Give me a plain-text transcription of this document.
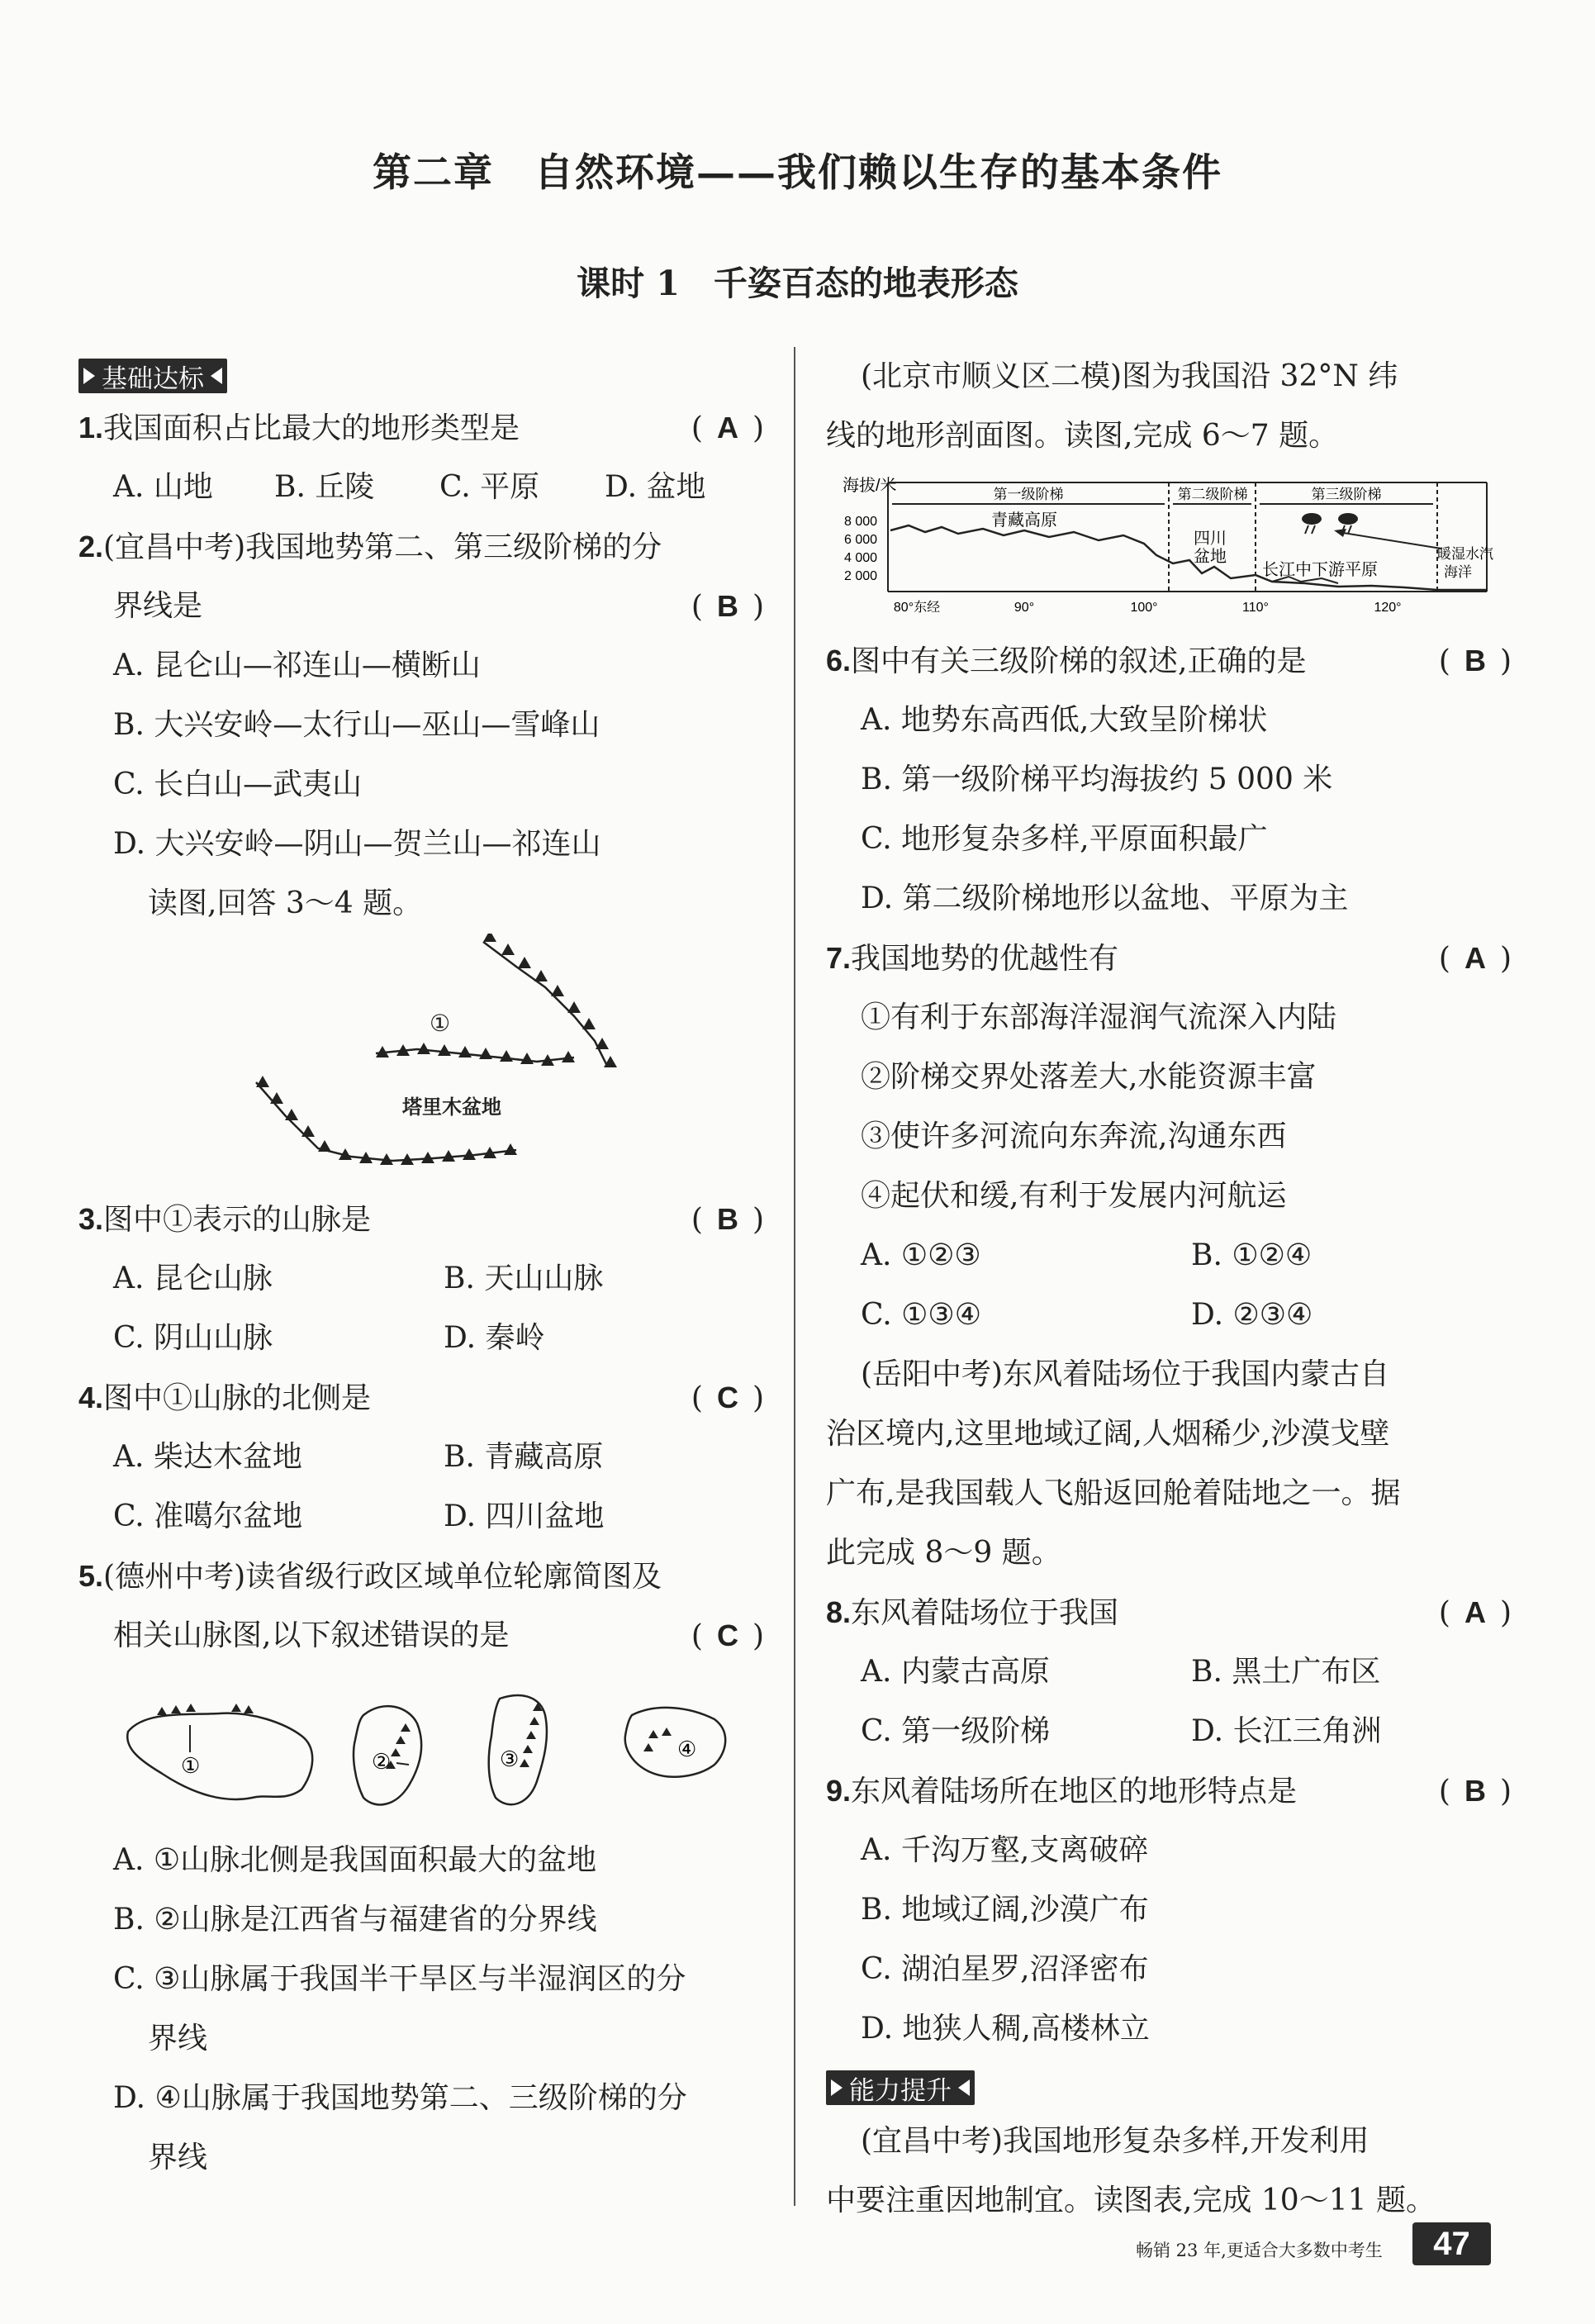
第二章　自然环境——我们赖以生存的基本条件
课时 1　千姿百态的地表形态
基础达标
1.我国面积占比最大的地形类型是	( A )
A. 山地	B. 丘陵	C. 平原	D. 盆地
2.(宜昌中考)我国地势第二、第三级阶梯的分
界线是	( B )
A. 昆仑山—祁连山—横断山
B. 大兴安岭—太行山—巫山—雪峰山
C. 长白山—武夷山
D. 大兴安岭—阴山—贺兰山—祁连山
读图,回答 3～4 题。
①
塔里木盆地
3.图中①表示的山脉是	( B )
A. 昆仑山脉	B. 天山山脉
C. 阴山山脉	D. 秦岭
4.图中①山脉的北侧是	( C )
A. 柴达木盆地	B. 青藏高原
C. 准噶尔盆地	D. 四川盆地
5.(德州中考)读省级行政区域单位轮廓简图及
相关山脉图,以下叙述错误的是	( C )
①	②	③	④
A. ①山脉北侧是我国面积最大的盆地
B. ②山脉是江西省与福建省的分界线
C. ③山脉属于我国半干旱区与半湿润区的分
界线
D. ④山脉属于我国地势第二、三级阶梯的分
界线
(北京市顺义区二模)图为我国沿 32°N 纬
线的地形剖面图。读图,完成 6～7 题。
海拔/米
8 000
6 000
4 000
2 000
第一级阶梯	第二级阶梯	第三级阶梯
青藏高原
四川
盆地
长江中下游平原
暖湿水汽
海洋
80°东经	90°	100°	110°	120°
6.图中有关三级阶梯的叙述,正确的是	( B )
A. 地势东高西低,大致呈阶梯状
B. 第一级阶梯平均海拔约 5 000 米
C. 地形复杂多样,平原面积最广
D. 第二级阶梯地形以盆地、平原为主
7.我国地势的优越性有	( A )
①有利于东部海洋湿润气流深入内陆
②阶梯交界处落差大,水能资源丰富
③使许多河流向东奔流,沟通东西
④起伏和缓,有利于发展内河航运
A. ①②③	B. ①②④
C. ①③④	D. ②③④
(岳阳中考)东风着陆场位于我国内蒙古自
治区境内,这里地域辽阔,人烟稀少,沙漠戈壁
广布,是我国载人飞船返回舱着陆地之一。据
此完成 8～9 题。
8.东风着陆场位于我国	( A )
A. 内蒙古高原	B. 黑土广布区
C. 第一级阶梯	D. 长江三角洲
9.东风着陆场所在地区的地形特点是	( B )
A. 千沟万壑,支离破碎
B. 地域辽阔,沙漠广布
C. 湖泊星罗,沼泽密布
D. 地狭人稠,高楼林立
能力提升
(宜昌中考)我国地形复杂多样,开发利用
中要注重因地制宜。读图表,完成 10～11 题。
畅销 23 年,更适合大多数中考生	47
